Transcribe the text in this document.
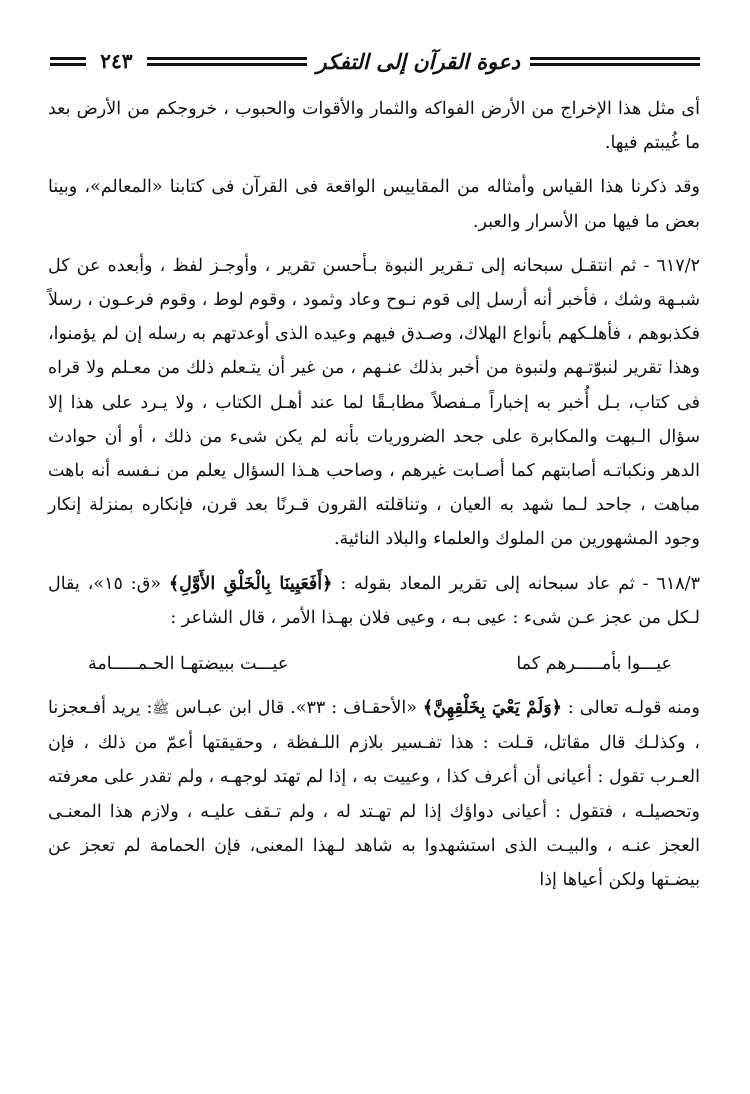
دعوة القرآن إلى التفكر
٢٤٣

أى مثل هذا الإخراج من الأرض الفواكه والثمار والأقوات والحبوب ، خروجكم من الأرض بعد ما غُيبتم فيها.

وقد ذكرنا هذا القياس وأمثاله من المقاييس الواقعة فى القرآن فى كتابنا «المعالم»، وبينا بعض ما فيها من الأسرار والعبر.

٦١٧/٢ - ثم انتقـل سبحانه إلى تـقرير النبوة بـأحسن تقرير ، وأوجـز لفظ ، وأبعده عن كل شبـهة وشك ، فأخبر أنه أرسل إلى قوم نـوح وعاد وثمود ، وقوم لوط ، وقوم فرعـون ، رسلاً فكذبوهم ، فأهلـكهم بأنواع الهلاك، وصـدق فيهم وعيده الذى أوعدتهم به رسله إن لم يؤمنوا، وهذا تقرير لنبوّتـهم ولنبوة من أخبر بذلك عنـهم ، من غير أن يتـعلم ذلك من معـلم ولا قراه فى كتاب، بـل أُخبر به إخباراً مـفصلاً مطابـقًا لما عند أهـل الكتاب ، ولا يـرد على هذا إلا سؤال الـبهت والمكابرة على جحد الضروريات بأنه لم يكن شىء من ذلك ، أو أن حوادث الدهر ونكباتـه أصابتهم كما أصـابت غيرهم ، وصاحب هـذا السؤال يعلم من نـفسه أنه باهت مباهت ، جاحد لـما شهد به العيان ، وتناقلته القرون قـرنًا بعد قرن، فإنكاره بمنزلة إنكار وجود المشهورين من الملوك والعلماء والبلاد النائية.

٦١٨/٣ - ثم عاد سبحانه إلى تقرير المعاد بقوله : ﴿أَفَعَيِينَا بِالْخَلْقِ الأَوَّلِ﴾ «ق: ١٥»، يقال لـكل من عجز عـن شىء : عيى بـه ، وعيى فلان بهـذا الأمر ، قال الشاعر :

عيـــوا بأمـــــرهم كما
عيـــت ببيضتهـا الحـمـــــامة

ومنه قولـه تعالى : ﴿وَلَمْ يَعْيَ بِخَلْقِهِنَّ﴾ «الأحقـاف : ٣٣». قال ابن عبـاس ﷺ: يريد أفـعجزنا ، وكذلـك قال مقاتل، قـلت : هذا تفـسير بلازم اللـفظة ، وحقيقتها أعمّ من ذلك ، فإن العـرب تقول : أعيانى أن أعرف كذا ، وعييت به ، إذا لم تهتد لوجهـه ، ولم تقدر على معرفته وتحصيلـه ، فتقول : أعيانى دواؤك إذا لم تهـتد له ، ولم تـقف عليـه ، ولازم هذا المعنـى العجز عنـه ، والبيـت الذى استشهدوا به شاهد لـهذا المعنى، فإن الحمامة لم تعجز عن بيضـتها ولكن أعياها إذا
